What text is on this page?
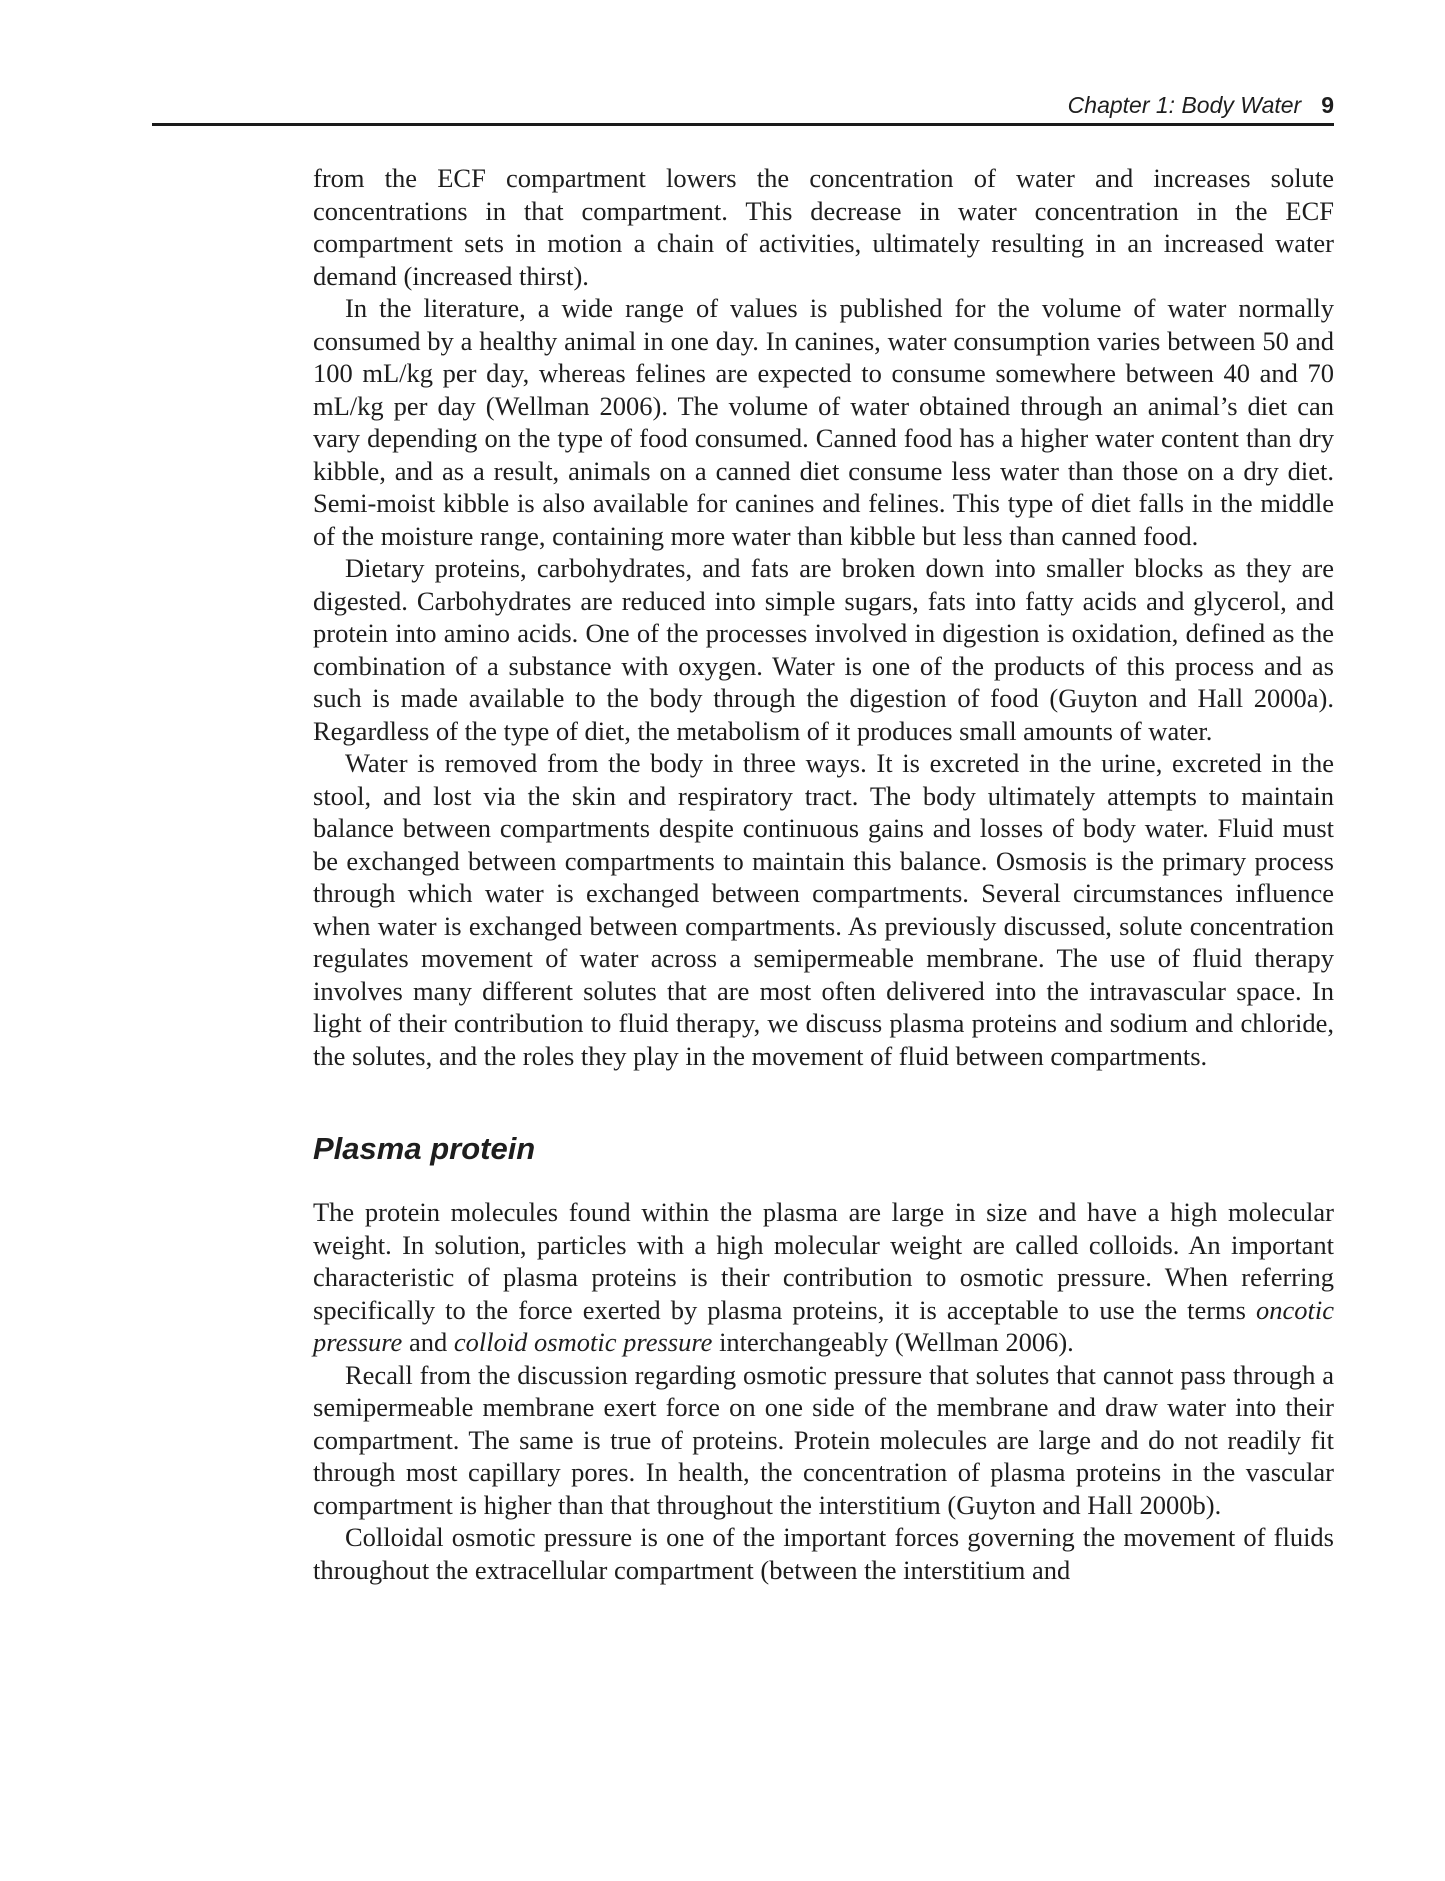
Chapter 1: Body Water 9

from the ECF compartment lowers the concentration of water and increases solute concentrations in that compartment. This decrease in water concentration in the ECF compartment sets in motion a chain of activities, ultimately resulting in an increased water demand (increased thirst).

In the literature, a wide range of values is published for the volume of water normally consumed by a healthy animal in one day. In canines, water consumption varies between 50 and 100 mL/kg per day, whereas felines are expected to consume somewhere between 40 and 70 mL/kg per day (Wellman 2006). The volume of water obtained through an animal’s diet can vary depending on the type of food consumed. Canned food has a higher water content than dry kibble, and as a result, animals on a canned diet consume less water than those on a dry diet. Semi-moist kibble is also available for canines and felines. This type of diet falls in the middle of the moisture range, containing more water than kibble but less than canned food.

Dietary proteins, carbohydrates, and fats are broken down into smaller blocks as they are digested. Carbohydrates are reduced into simple sugars, fats into fatty acids and glycerol, and protein into amino acids. One of the processes involved in digestion is oxidation, defined as the combination of a substance with oxygen. Water is one of the products of this process and as such is made available to the body through the digestion of food (Guyton and Hall 2000a). Regardless of the type of diet, the metabolism of it produces small amounts of water.

Water is removed from the body in three ways. It is excreted in the urine, excreted in the stool, and lost via the skin and respiratory tract. The body ultimately attempts to maintain balance between compartments despite continuous gains and losses of body water. Fluid must be exchanged between compartments to maintain this balance. Osmosis is the primary process through which water is exchanged between compartments. Several circumstances influence when water is exchanged between compartments. As previously discussed, solute concentration regulates movement of water across a semipermeable membrane. The use of fluid therapy involves many different solutes that are most often delivered into the intravascular space. In light of their contribution to fluid therapy, we discuss plasma proteins and sodium and chloride, the solutes, and the roles they play in the movement of fluid between compartments.

Plasma protein

The protein molecules found within the plasma are large in size and have a high molecular weight. In solution, particles with a high molecular weight are called colloids. An important characteristic of plasma proteins is their contribution to osmotic pressure. When referring specifically to the force exerted by plasma proteins, it is acceptable to use the terms oncotic pressure and colloid osmotic pressure interchangeably (Wellman 2006).

Recall from the discussion regarding osmotic pressure that solutes that cannot pass through a semipermeable membrane exert force on one side of the membrane and draw water into their compartment. The same is true of proteins. Protein molecules are large and do not readily fit through most capillary pores. In health, the concentration of plasma proteins in the vascular compartment is higher than that throughout the interstitium (Guyton and Hall 2000b).

Colloidal osmotic pressure is one of the important forces governing the movement of fluids throughout the extracellular compartment (between the interstitium and
